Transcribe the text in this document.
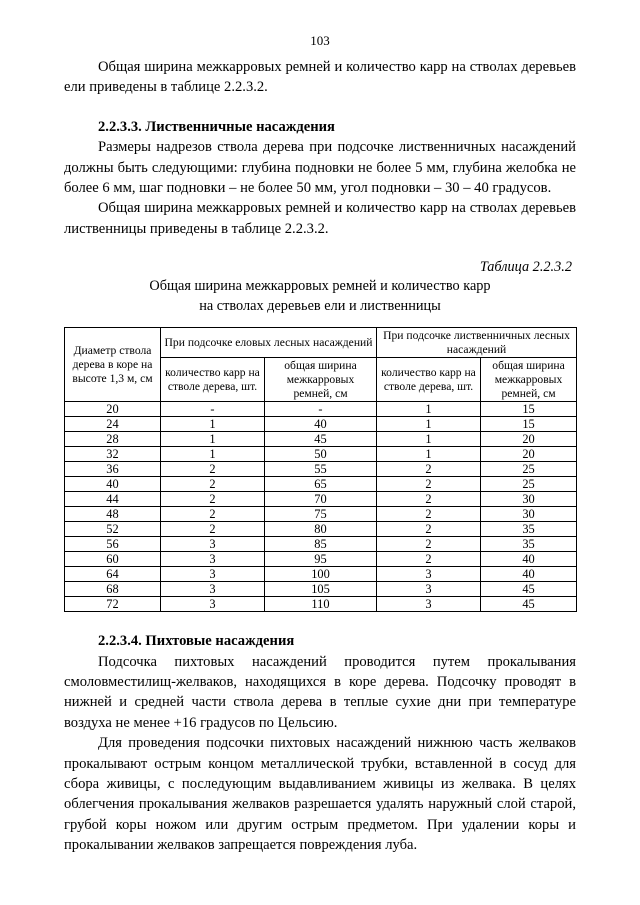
103

Общая ширина межкарровых ремней и количество карр на стволах деревьев ели приведены в таблице 2.2.3.2.

2.2.3.3. Лиственничные насаждения

Размеры надрезов ствола дерева при подсочке лиственничных насаждений должны быть следующими: глубина подновки не более 5 мм, глубина желобка не более 6 мм, шаг подновки – не более 50 мм, угол подновки – 30 – 40 градусов.

Общая ширина межкарровых ремней и количество карр на стволах деревьев лиственницы приведены в таблице 2.2.3.2.

Таблица 2.2.3.2

Общая ширина межкарровых ремней и количество карр

на стволах деревьев ели и лиственницы

Диаметр ствола дерева в коре на высоте 1,3 м, см	При подсочке еловых лесных насаждений		При подсочке лиственничных лесных насаждений	
	количество карр на стволе дерева, шт.	общая ширина межкарровых ремней, см	количество карр на стволе дерева, шт.	общая ширина межкарровых ремней, см
20	-	-	1	15
24	1	40	1	15
28	1	45	1	20
32	1	50	1	20
36	2	55	2	25
40	2	65	2	25
44	2	70	2	30
48	2	75	2	30
52	2	80	2	35
56	3	85	2	35
60	3	95	2	40
64	3	100	3	40
68	3	105	3	45
72	3	110	3	45
2.2.3.4. Пихтовые насаждения

Подсочка пихтовых насаждений проводится путем прокалывания смоловместилищ-желваков, находящихся в коре дерева. Подсочку проводят в нижней и средней части ствола дерева в теплые сухие дни при температуре воздуха не менее +16 градусов по Цельсию.

Для проведения подсочки пихтовых насаждений нижнюю часть желваков прокалывают острым концом металлической трубки, вставленной в сосуд для сбора живицы, с последующим выдавливанием живицы из желвака. В целях облегчения прокалывания желваков разрешается удалять наружный слой старой, грубой коры ножом или другим острым предметом. При удалении коры и прокалывании желваков запрещается повреждения луба.
